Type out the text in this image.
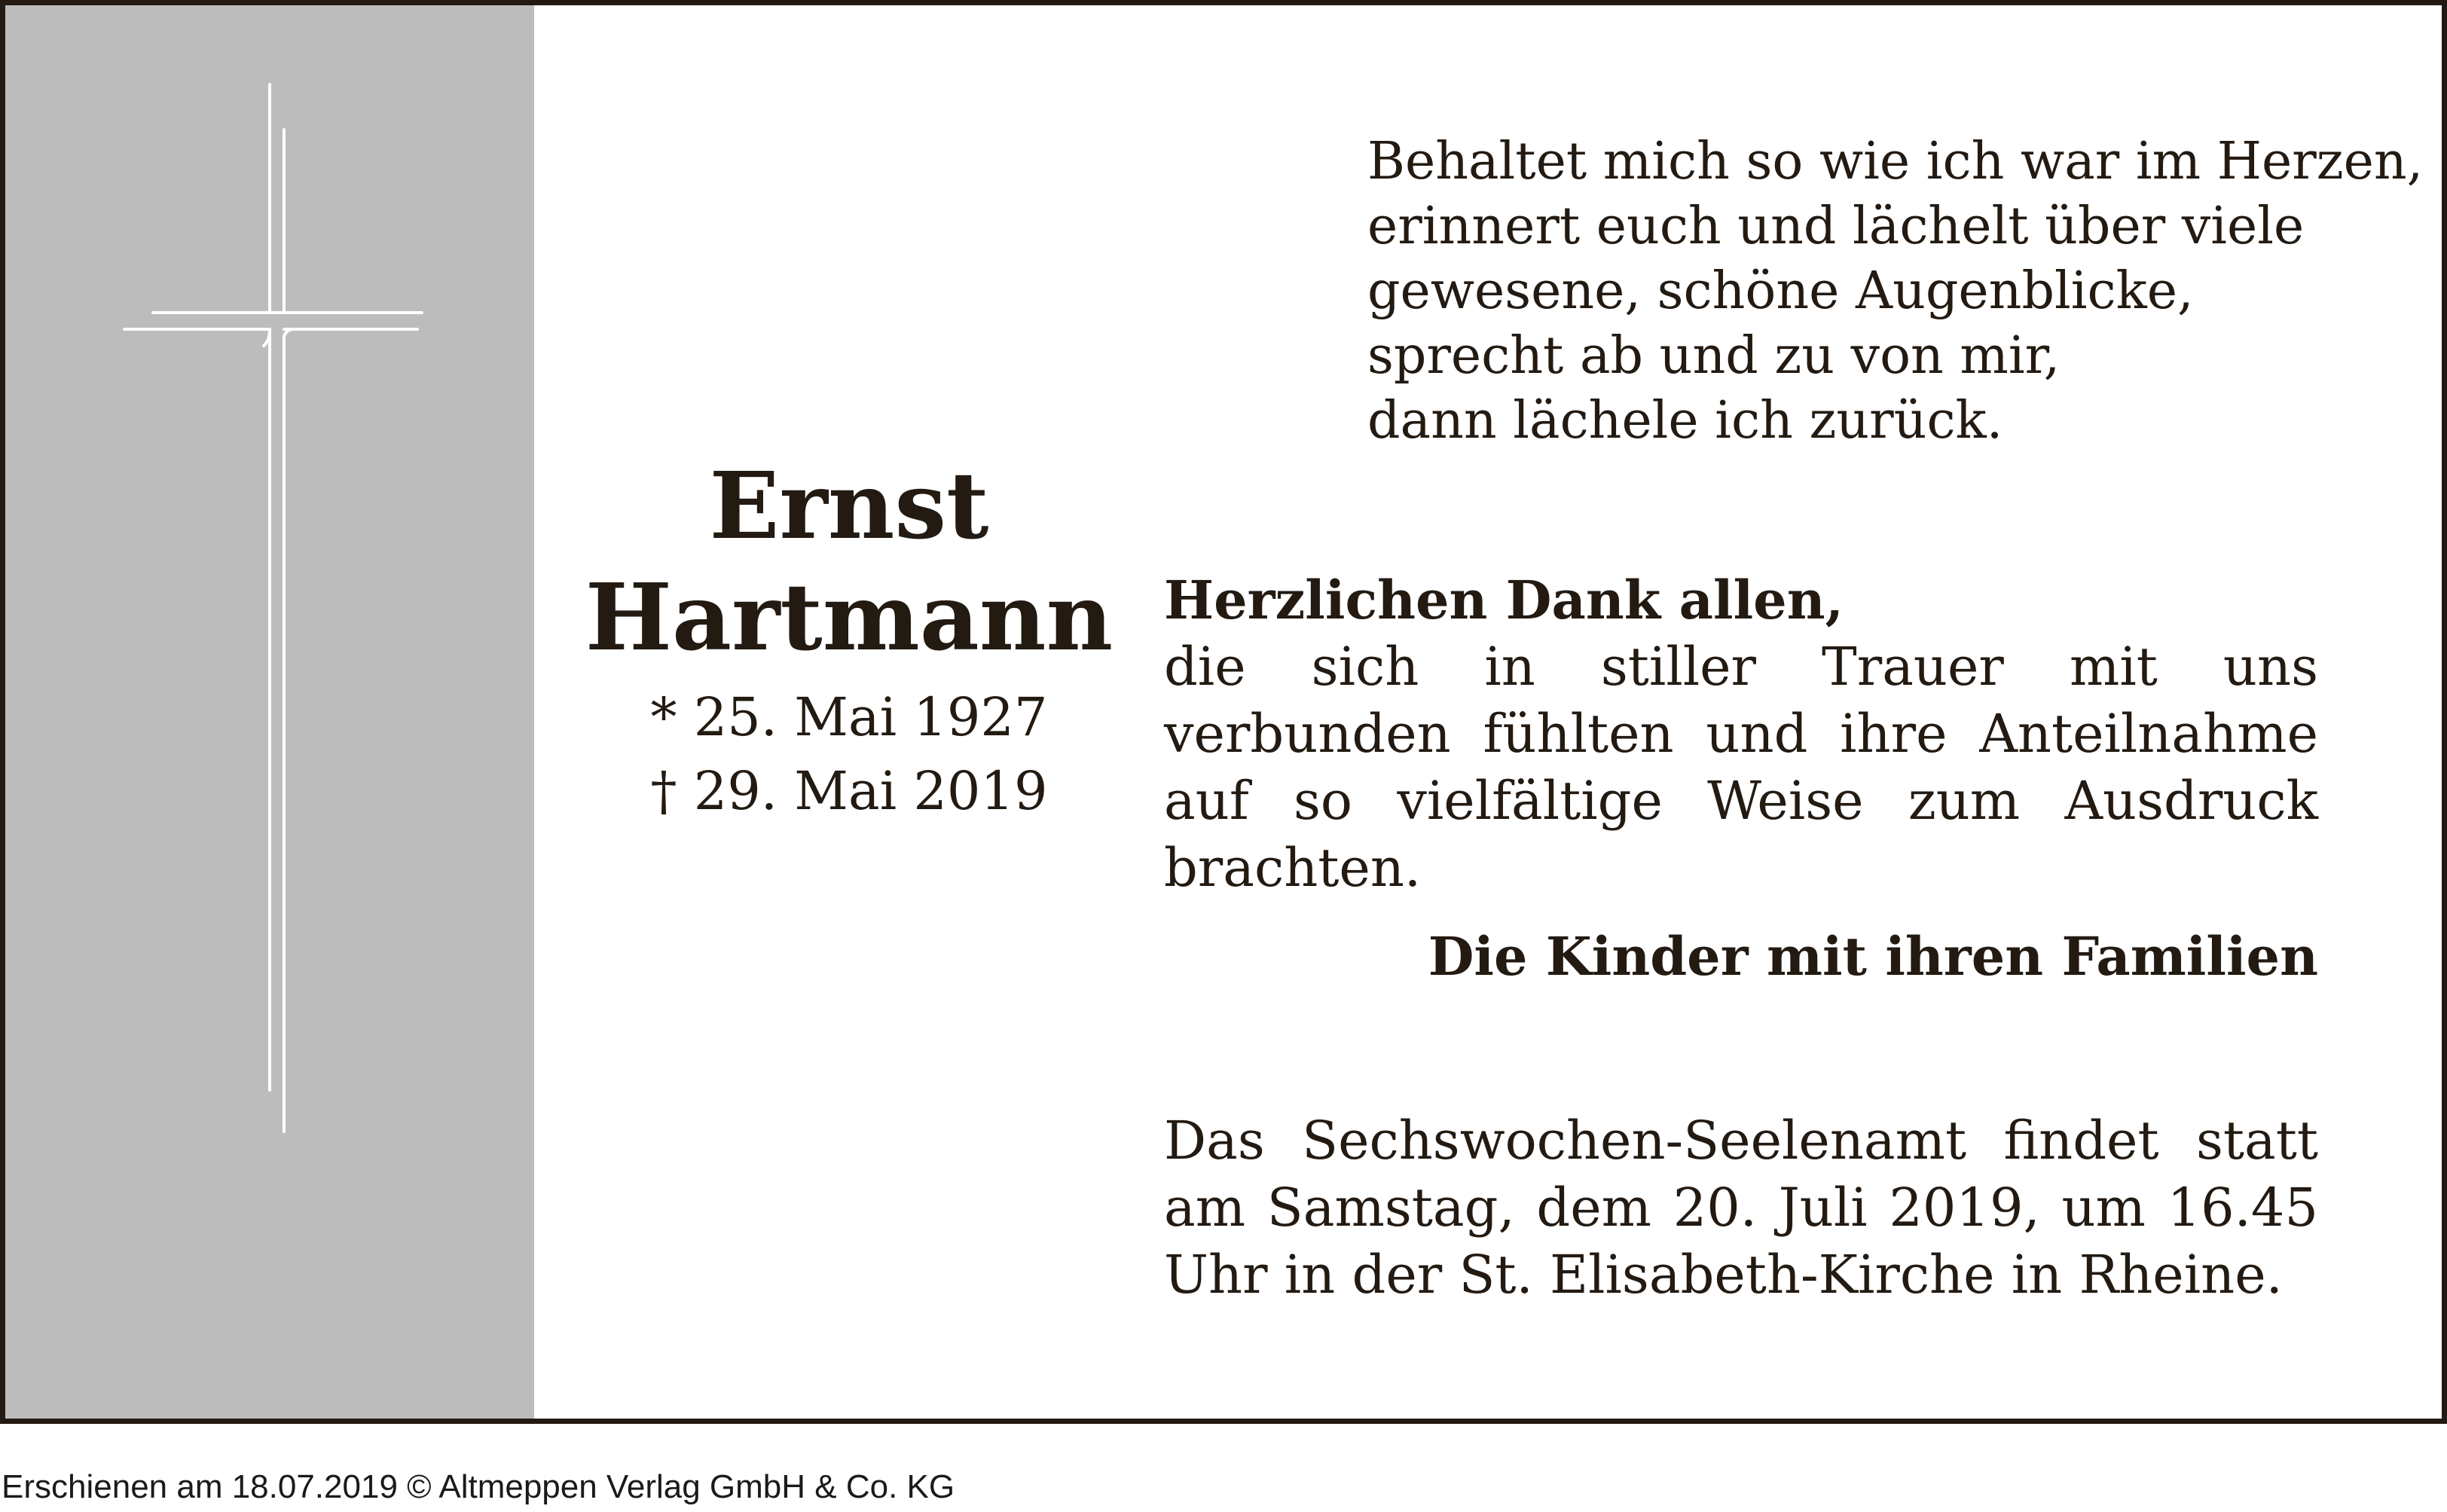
Behaltet mich so wie ich war im Herzen,
erinnert euch und lächelt über viele
gewesene, schöne Augenblicke,
sprecht ab und zu von mir,
dann lächele ich zurück.
Ernst
Hartmann
* 25. Mai 1927
† 29. Mai 2019
Herzlichen Dank allen,
die sich in stiller Trauer mit uns verbunden fühlten und ihre Anteilnahme auf so vielfältige Weise zum Ausdruck brachten.
Die Kinder mit ihren Familien
Das Sechswochen-Seelenamt findet statt am Samstag, dem 20. Juli 2019, um 16.45 Uhr in der St. Elisabeth-Kirche in Rheine.
Erschienen am 18.07.2019 © Altmeppen Verlag GmbH & Co. KG
